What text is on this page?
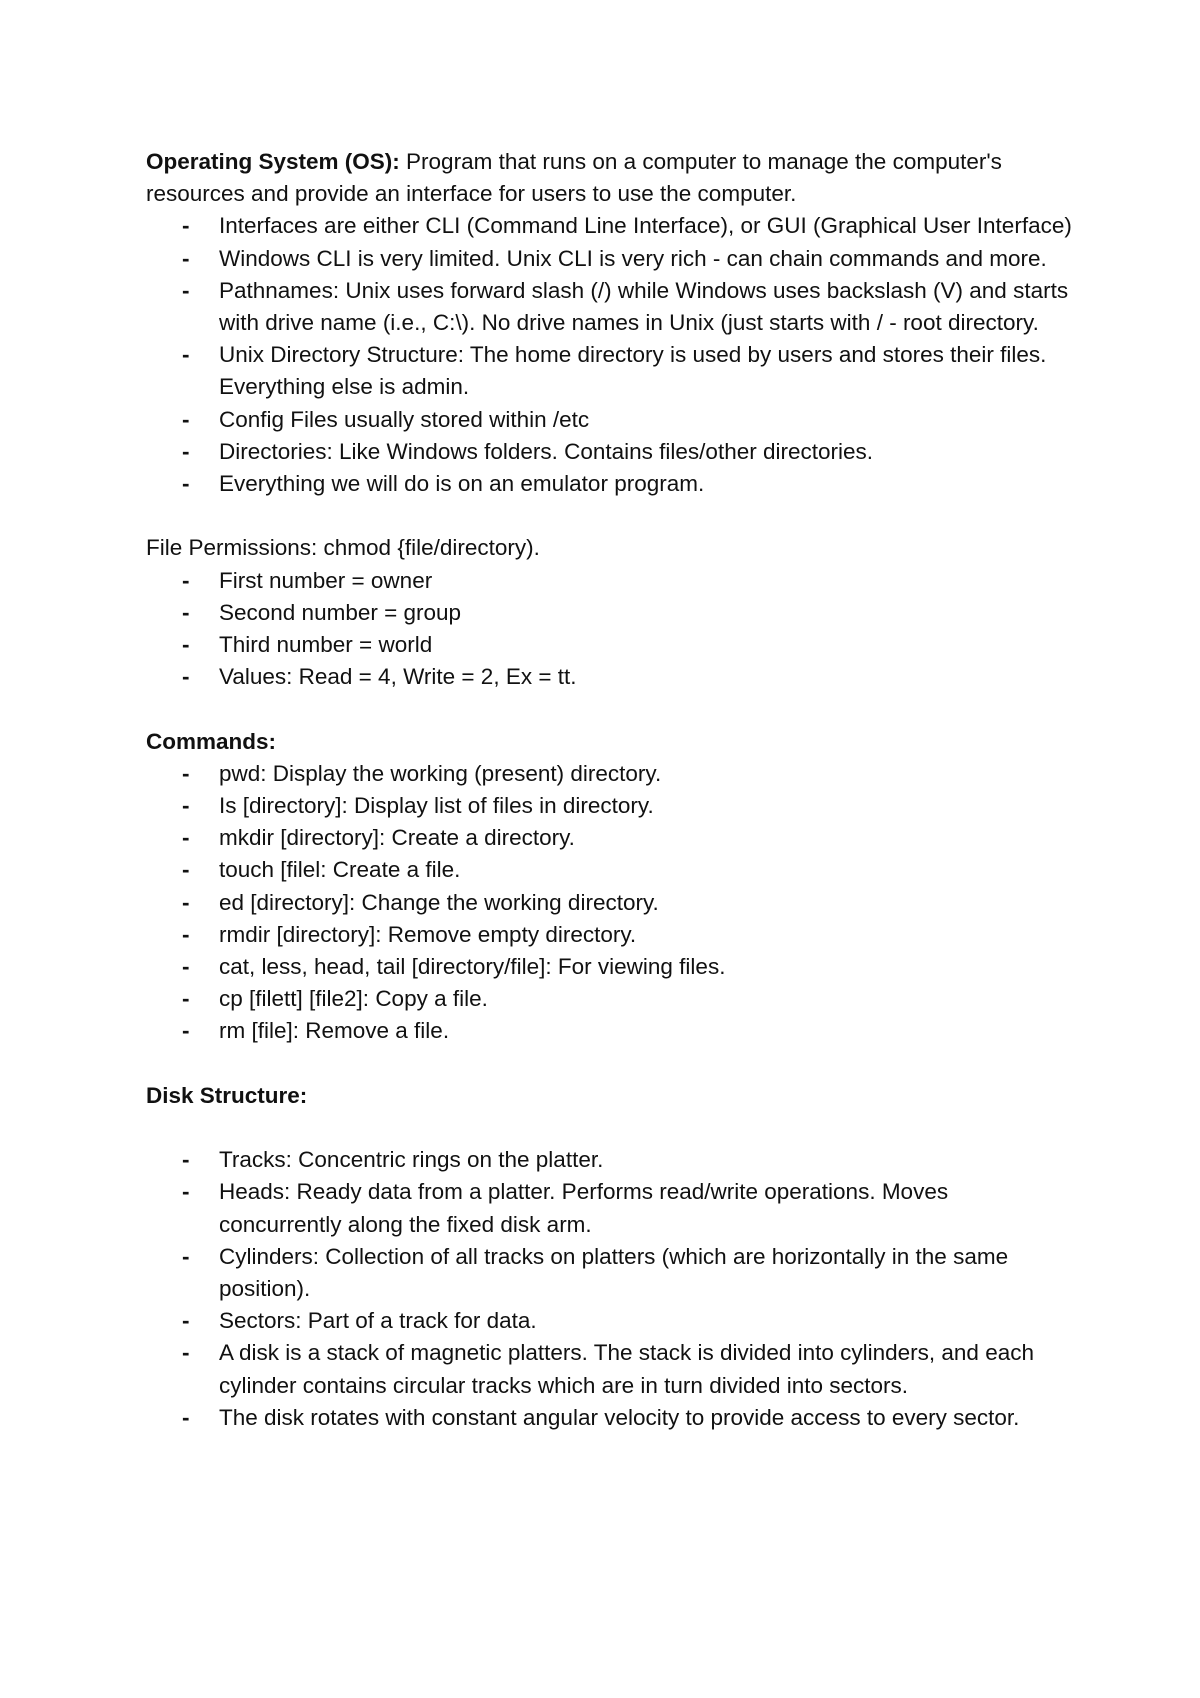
Operating System (OS): Program that runs on a computer to manage the computer's resources and provide an interface for users to use the computer.

- Interfaces are either CLI (Command Line Interface), or GUI (Graphical User Interface)
- Windows CLI is very limited. Unix CLI is very rich - can chain commands and more.
- Pathnames: Unix uses forward slash (/) while Windows uses backslash (V) and starts with drive name (i.e., C:\). No drive names in Unix (just starts with / - root directory.
- Unix Directory Structure: The home directory is used by users and stores their files. Everything else is admin.
- Config Files usually stored within /etc
- Directories: Like Windows folders. Contains files/other directories.
- Everything we will do is on an emulator program.

File Permissions: chmod {file/directory).

- First number = owner
- Second number = group
- Third number = world
- Values: Read = 4, Write = 2, Ex = tt.

Commands:

- pwd: Display the working (present) directory.
- Is [directory]: Display list of files in directory.
- mkdir [directory]: Create a directory.
- touch [filel: Create a file.
- ed [directory]: Change the working directory.
- rmdir [directory]: Remove empty directory.
- cat, less, head, tail [directory/file]: For viewing files.
- cp [filett] [file2]: Copy a file.
- rm [file]: Remove a file.

Disk Structure:

- Tracks: Concentric rings on the platter.
- Heads: Ready data from a platter. Performs read/write operations. Moves concurrently along the fixed disk arm.
- Cylinders: Collection of all tracks on platters (which are horizontally in the same position).
- Sectors: Part of a track for data.
- A disk is a stack of magnetic platters. The stack is divided into cylinders, and each cylinder contains circular tracks which are in turn divided into sectors.
- The disk rotates with constant angular velocity to provide access to every sector.
